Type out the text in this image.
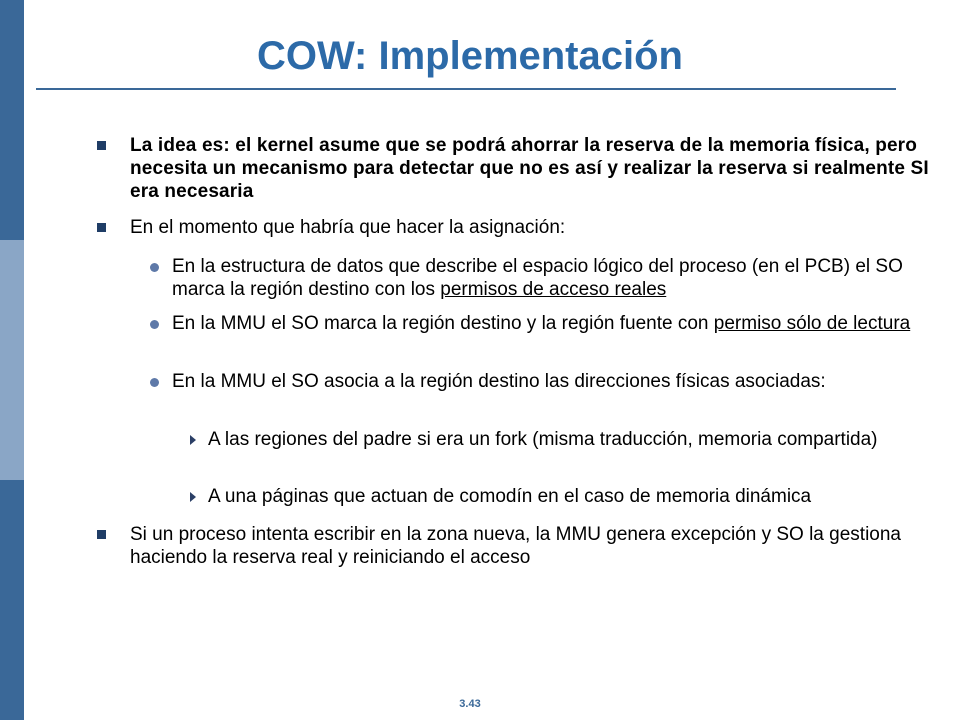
COW: Implementación
La idea es: el kernel asume que se podrá ahorrar la reserva de la memoria física, pero necesita un mecanismo para detectar que no es así y realizar la reserva si realmente SI era necesaria
En el momento que habría que hacer la asignación:
En la estructura de datos que describe el espacio lógico del proceso (en el PCB) el SO marca la región destino con los permisos de acceso reales
En la MMU el SO marca la región destino y la región fuente con permiso sólo de lectura
En la MMU el SO asocia a la región destino las direcciones físicas asociadas:
A las regiones del padre si era un fork (misma traducción, memoria compartida)
A una páginas que actuan de comodín en el caso de memoria dinámica
Si un proceso intenta escribir en la zona nueva, la MMU genera excepción y SO la gestiona haciendo la reserva real y reiniciando el acceso
3.43
